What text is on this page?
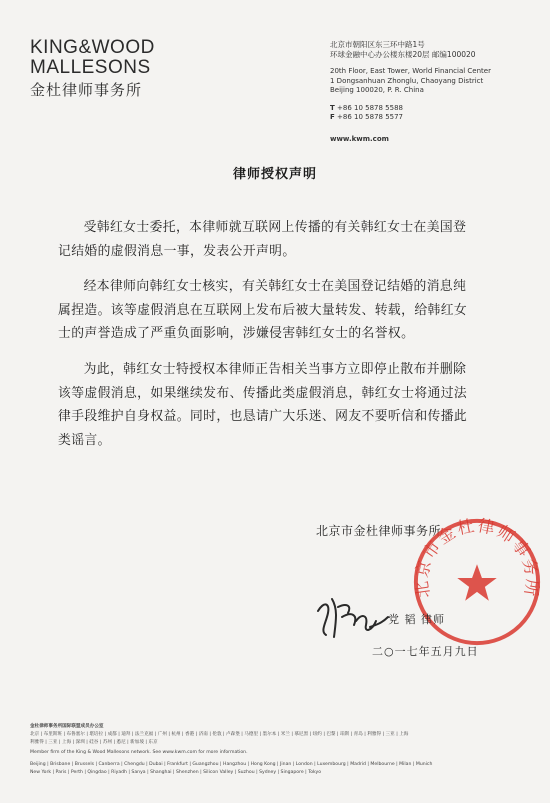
KING&WOOD
MALLESONS
金杜律师事务所
北京市朝阳区东三环中路1号
环球金融中心办公楼东楼20层 邮编100020
20th Floor, East Tower, World Financial Center
1 Dongsanhuan Zhonglu, Chaoyang District
Beijing 100020, P. R. China
T +86 10 5878 5588
F +86 10 5878 5577
www.kwm.com
律师授权声明

受韩红女士委托，本律师就互联网上传播的有关韩红女士在美国登记结婚的虚假消息一事，发表公开声明。

经本律师向韩红女士核实，有关韩红女士在美国登记结婚的消息纯属捏造。该等虚假消息在互联网上发布后被大量转发、转载，给韩红女士的声誉造成了严重负面影响，涉嫌侵害韩红女士的名誉权。

为此，韩红女士特授权本律师正告相关当事方立即停止散布并删除该等虚假消息，如果继续发布、传播此类虚假消息，韩红女士将通过法律手段维护自身权益。同时，也恳请广大乐迷、网友不要听信和传播此类谣言。

北京市金杜律师事务所
北京市金杜律师事务所
党 韬 律师
二○一七年五月九日
金杜律师事务所国际联盟成员办公室
北京 | 布里斯班 | 布鲁塞尔 | 堪培拉 | 成都 | 迪拜 | 法兰克福 | 广州 | 杭州 | 香港 | 济南 | 伦敦 | 卢森堡 | 马德里 | 墨尔本 | 米兰 | 慕尼黑 | 纽约 | 巴黎 | 珀斯 | 青岛 | 利雅得 | 三亚 | 上海
利雅得 | 三亚 | 上海 | 深圳 | 硅谷 | 苏州 | 悉尼 | 新加坡 | 东京
Member firm of the King & Wood Mallesons network. See www.kwm.com for more information.
Beijing | Brisbane | Brussels | Canberra | Chengdu | Dubai | Frankfurt | Guangzhou | Hangzhou | Hong Kong | Jinan | London | Luxembourg | Madrid | Melbourne | Milan | Munich
New York | Paris | Perth | Qingdao | Riyadh | Sanya | Shanghai | Shenzhen | Silicon Valley | Suzhou | Sydney | Singapore | Tokyo
